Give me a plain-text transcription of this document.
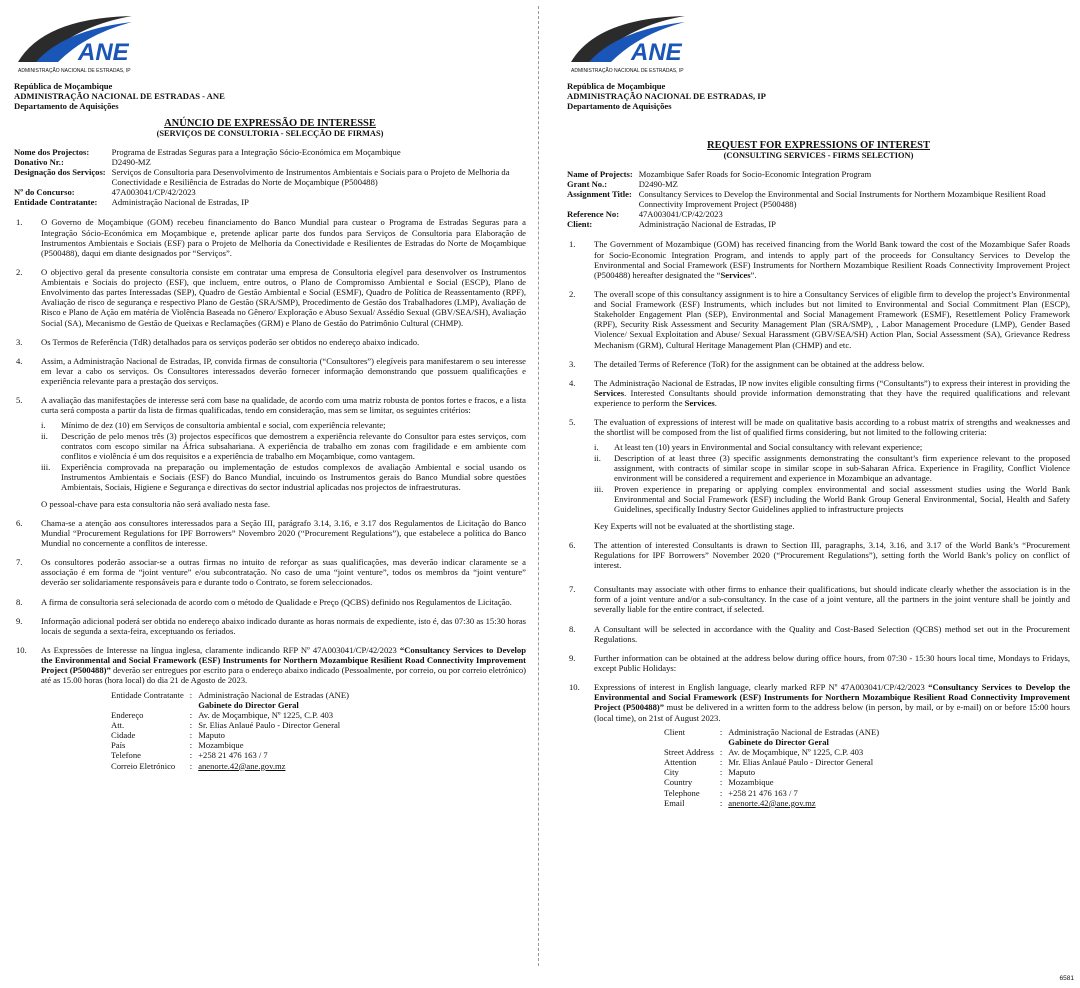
ANE
ADMINISTRAÇÃO NACIONAL DE ESTRADAS, IP
República de Moçambique
ADMINISTRAÇÃO NACIONAL DE ESTRADAS - ANE
Departamento de Aquisições
ANÚNCIO DE EXPRESSÃO DE INTERESSE
(SERVIÇOS DE CONSULTORIA - SELECÇÃO DE FIRMAS)
Nome dos Projectos:	Programa de Estradas Seguras para a Integração Sócio-Económica em Moçambique
Donativo Nr.:	D2490-MZ
Designação dos Serviços:	Serviços de Consultoria para Desenvolvimento de Instrumentos Ambientais e Sociais para o Projeto de Melhoria da Conectividade e Resiliência de Estradas do Norte de Moçambique (P500488)
Nº do Concurso:	47A003041/CP/42/2023
Entidade Contratante:	Administração Nacional de Estradas, IP
1. O Governo de Moçambique (GOM) recebeu financiamento do Banco Mundial para custear o Programa de Estradas Seguras para a Integração Sócio-Económica em Moçambique e, pretende aplicar parte dos fundos para Serviços de Consultoria para Elaboração de Instrumentos Ambientais e Sociais (ESF) para o Projeto de Melhoria da Conectividade e Resilientes de Estradas do Norte de Moçambique (P500488), daqui em diante designados por “Serviços”.
2. O objectivo geral da presente consultoria consiste em contratar uma empresa de Consultoria elegível para desenvolver os Instrumentos Ambientais e Sociais do projecto (ESF), que incluem, entre outros, o Plano de Compromisso Ambiental e Social (ESCP), Plano de Envolvimento das partes Interessadas (SEP), Quadro de Gestão Ambiental e Social (ESMF), Quadro de Política de Reassentamento (RPF), Avaliação de risco de segurança e respectivo Plano de Gestão (SRA/SMP), Procedimento de Gestão dos Trabalhadores (LMP), Avaliação de Risco e Plano de Ação em matéria de Violência Baseada no Gênero/ Exploração e Abuso Sexual/ Assédio Sexual (GBV/SEA/SH), Avaliação Social (SA), Mecanismo de Gestão de Queixas e Reclamações (GRM) e Plano de Gestão do Patrimônio Cultural (CHMP).
3. Os Termos de Referência (TdR) detalhados para os serviços poderão ser obtidos no endereço abaixo indicado.
4. Assim, a Administração Nacional de Estradas, IP, convida firmas de consultoria (“Consultores”) elegíveis para manifestarem o seu interesse em levar a cabo os serviços. Os Consultores interessados deverão fornecer informação demonstrando que possuem qualificações e experiência relevante para a prestação dos serviços.
5. A avaliação das manifestações de interesse será com base na qualidade, de acordo com uma matriz robusta de pontos fortes e fracos, e a lista curta será composta a partir da lista de firmas qualificadas, tendo em consideração, mas sem se limitar, os seguintes critérios:
i. Mínimo de dez (10) em Serviços de consultoria ambiental e social, com experiência relevante;
ii. Descrição de pelo menos três (3) projectos específicos que demostrem a experiência relevante do Consultor para estes serviços, com contratos com escopo similar na África subsahariana. A experiência de trabalho em zonas com fragilidade e em ambiente com conflitos e violência é um dos requisitos e a experiência de trabalho em Moçambique, como vantagem.
iii. Experiência comprovada na preparação ou implementação de estudos complexos de avaliação Ambiental e social usando os Instrumentos Ambientais e Sociais (ESF) do Banco Mundial, incuindo os Instrumentos gerais do Banco Mundial sobre questões Ambientais, Sociais, Higiene e Segurança e directivas do sector industrial aplicadas nos projectos de infraestruturas.
O pessoal-chave para esta consultoria não será avaliado nesta fase.
6. Chama-se a atenção aos consultores interessados para a Seção III, parágrafo 3.14, 3.16, e 3.17 dos Regulamentos de Licitação do Banco Mundial “Procurement Regulations for IPF Borrowers” Novembro 2020 (“Procurement Regulations”), que estabelece a política do Banco Mundial no concernente a conflitos de interesse.
7. Os consultores poderão associar-se a outras firmas no intuito de reforçar as suas qualificações, mas deverão indicar claramente se a associação é em forma de “joint venture” e/ou subcontratação. No caso de uma “joint venture”, todos os membros da “joint venture” deverão ser solidariamente responsáveis para e durante todo o Contrato, se forem seleccionados.
8. A firma de consultoria será selecionada de acordo com o método de Qualidade e Preço (QCBS) definido nos Regulamentos de Licitação.
9. Informação adicional poderá ser obtida no endereço abaixo indicado durante as horas normais de expediente, isto é, das 07:30 as 15:30 horas locais de segunda a sexta-feira, exceptuando os feriados.
10. As Expressões de Interesse na língua inglesa, claramente indicando RFP Nº 47A003041/CP/42/2023 “Consultancy Services to Develop the Environmental and Social Framework (ESF) Instruments for Northern Mozambique Resilient Road Connectivity Improvement Project (P500488)” deverão ser entregues por escrito para o endereço abaixo indicado (Pessoalmente, por correio, ou por correio eletrónico) até as 15.00 horas (hora local) do dia 21 de Agosto de 2023.
Entidade Contratante	:	Administração Nacional de Estradas (ANE)
		Gabinete do Director Geral
Endereço	:	Av. de Moçambique, Nº 1225, C.P. 403
Att.	:	Sr. Elias Anlaué Paulo - Director General
Cidade	:	Maputo
País	:	Mozambique
Telefone	:	+258 21 476 163 / 7
Correio Eletrónico	:	anenorte.42@ane.gov.mz
ANE
ADMINISTRAÇÃO NACIONAL DE ESTRADAS, IP
República de Moçambique
ADMINISTRAÇÃO NACIONAL DE ESTRADAS, IP
Departamento de Aquisições
REQUEST FOR EXPRESSIONS OF INTEREST
(CONSULTING SERVICES - FIRMS SELECTION)
Name of Projects:	Mozambique Safer Roads for Socio-Economic Integration Program
Grant No.:	D2490-MZ
Assignment Title:	Consultancy Services to Develop the Environmental and Social Instruments for Northern Mozambique Resilient Road Connectivity Improvement Project (P500488)
Reference No:	47A003041/CP/42/2023
Client:	Administração Nacional de Estradas, IP
1. The Government of Mozambique (GOM) has received financing from the World Bank toward the cost of the Mozambique Safer Roads for Socio-Economic Integration Program, and intends to apply part of the proceeds for Consultancy Services to Develop the Environmental and Social Framework (ESF) Instruments for Northern Mozambique Resilient Roads Connectivity Improvement Project (P500488) hereafter designated the “Services”.
2. The overall scope of this consultancy assignment is to hire a Consultancy Services of eligible firm to develop the project’s Environmental and Social Framework (ESF) Instruments, which includes but not limited to Environmental and Social Commitment Plan (ESCP), Stakeholder Engagement Plan (SEP), Environmental and Social Management Framework (ESMF), Resettlement Policy Framework (RPF), Security Risk Assessment and Security Management Plan (SRA/SMP), , Labor Management Procedure (LMP), Gender Based Violence/ Sexual Exploitation and Abuse/ Sexual Harassment (GBV/SEA/SH) Action Plan, Social Assessment (SA), Grievance Redress Mechanism (GRM), Cultural Heritage Management Plan (CHMP) and etc.
3. The detailed Terms of Reference (ToR) for the assignment can be obtained at the address below.
4. The Administração Nacional de Estradas, IP now invites eligible consulting firms (“Consultants”) to express their interest in providing the Services. Interested Consultants should provide information demonstrating that they have the required qualifications and relevant experience to perform the Services.
5. The evaluation of expressions of interest will be made on qualitative basis according to a robust matrix of strengths and weaknesses and the shortlist will be composed from the list of qualified firms considering, but not limited to the following criteria:
i. At least ten (10) years in Environmental and Social consultancy with relevant experience;
ii. Description of at least three (3) specific assignments demonstrating the consultant’s firm experience relevant to the proposed assignment, with contracts of similar scope in similar scope in sub-Saharan Africa. Experience in Fragility, Conflict Violence environment will be considered a requirement and experience in Mozambique an advantage.
iii. Proven experience in preparing or applying complex environmental and social assessment studies using the World Bank Environmental and Social Framework (ESF) including the World Bank Group General Environmental, Social, Health and Safety Guidelines, specifically Industry Sector Guidelines applied to infrastructure projects
Key Experts will not be evaluated at the shortlisting stage.
6. The attention of interested Consultants is drawn to Section III, paragraphs, 3.14, 3.16, and 3.17 of the World Bank’s “Procurement Regulations for IPF Borrowers” November 2020 (“Procurement Regulations”), setting forth the World Bank’s policy on conflict of interest.
7. Consultants may associate with other firms to enhance their qualifications, but should indicate clearly whether the association is in the form of a joint venture and/or a sub-consultancy. In the case of a joint venture, all the partners in the joint venture shall be jointly and severally liable for the entire contract, if selected.
8. A Consultant will be selected in accordance with the Quality and Cost-Based Selection (QCBS) method set out in the Procurement Regulations.
9. Further information can be obtained at the address below during office hours, from 07:30 - 15:30 hours local time, Mondays to Fridays, except Public Holidays:
10. Expressions of interest in English language, clearly marked RFP Nº 47A003041/CP/42/2023 “Consultancy Services to Develop the Environmental and Social Framework (ESF) Instruments for Northern Mozambique Resilient Road Connectivity Improvement Project (P500488)” must be delivered in a written form to the address below (in person, by mail, or by e-mail) on or before 15:00 hours (local time), on 21st of August 2023.
Client	:	Administração Nacional de Estradas (ANE)
		Gabinete do Director Geral
Street Address	:	Av. de Moçambique, Nº 1225, C.P. 403
Attention	:	Mr. Elias Anlaué Paulo - Director General
City	:	Maputo
Country	:	Mozambique
Telephone	:	+258 21 476 163 / 7
Email	:	anenorte.42@ane.gov.mz
6581
